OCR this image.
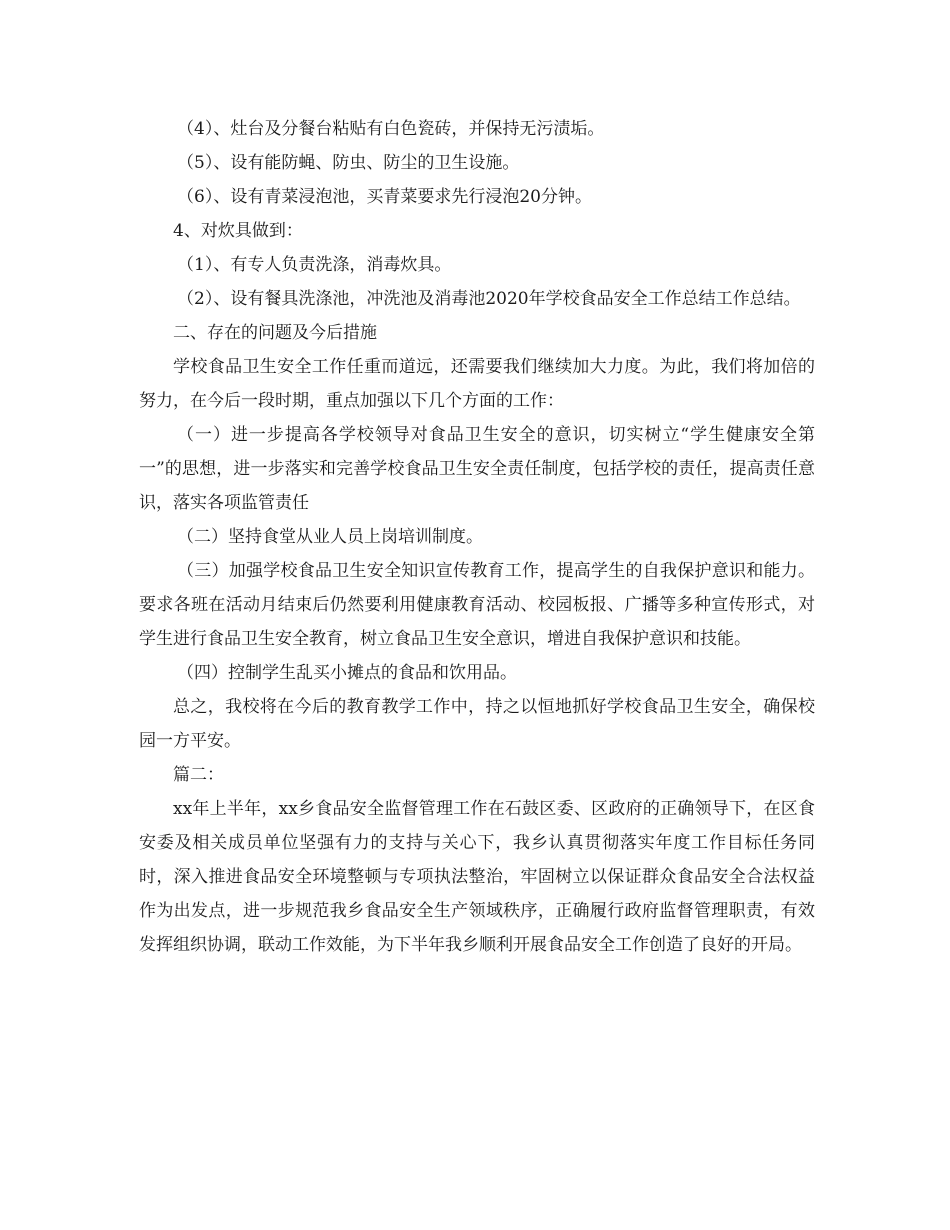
（4）、灶台及分餐台粘贴有白色瓷砖，并保持无污渍垢。

（5）、设有能防蝇、防虫、防尘的卫生设施。

（6）、设有青菜浸泡池，买青菜要求先行浸泡20分钟。

4、对炊具做到：

（1）、有专人负责洗涤，消毒炊具。

（2）、设有餐具洗涤池，冲洗池及消毒池2020年学校食品安全工作总结工作总结。

二、存在的问题及今后措施

学校食品卫生安全工作任重而道远，还需要我们继续加大力度。为此，我们将加倍的努力，在今后一段时期，重点加强以下几个方面的工作：

（一）进一步提高各学校领导对食品卫生安全的意识，切实树立“学生健康安全第一”的思想，进一步落实和完善学校食品卫生安全责任制度，包括学校的责任，提高责任意识，落实各项监管责任

（二）坚持食堂从业人员上岗培训制度。

（三）加强学校食品卫生安全知识宣传教育工作，提高学生的自我保护意识和能力。要求各班在活动月结束后仍然要利用健康教育活动、校园板报、广播等多种宣传形式，对学生进行食品卫生安全教育，树立食品卫生安全意识，增进自我保护意识和技能。

（四）控制学生乱买小摊点的食品和饮用品。

总之，我校将在今后的教育教学工作中，持之以恒地抓好学校食品卫生安全，确保校园一方平安。

篇二：

xx年上半年，xx乡食品安全监督管理工作在石鼓区委、区政府的正确领导下，在区食安委及相关成员单位坚强有力的支持与关心下，我乡认真贯彻落实年度工作目标任务同时，深入推进食品安全环境整顿与专项执法整治，牢固树立以保证群众食品安全合法权益作为出发点，进一步规范我乡食品安全生产领域秩序，正确履行政府监督管理职责，有效发挥组织协调，联动工作效能，为下半年我乡顺利开展食品安全工作创造了良好的开局。
